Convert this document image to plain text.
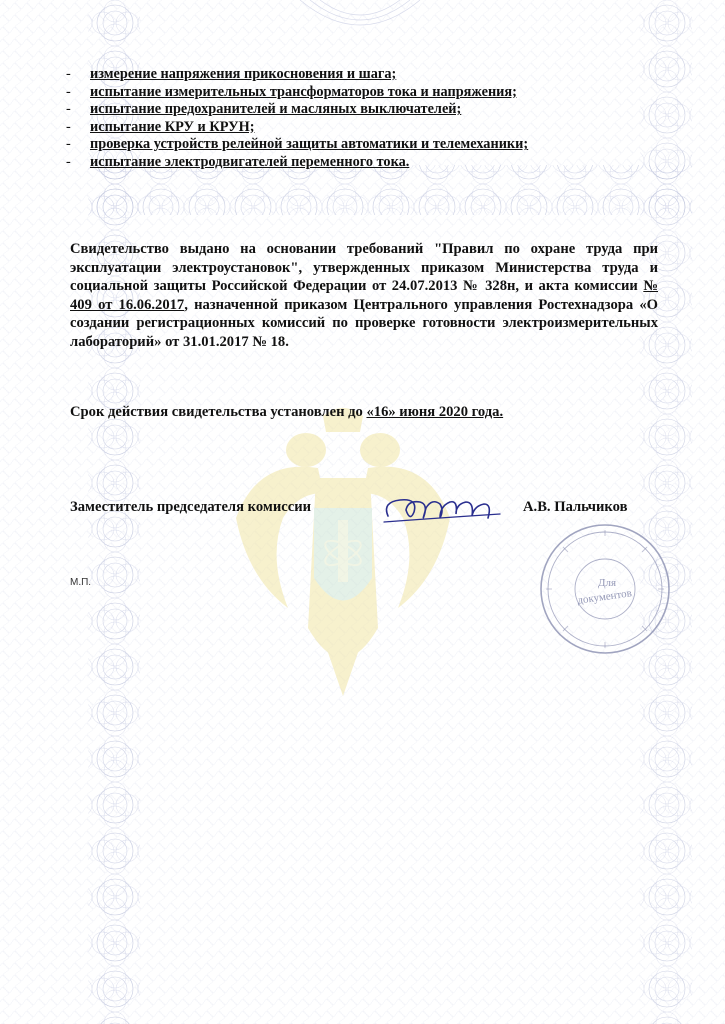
-	измерение напряжения прикосновения и шага;
-	испытание измерительных трансформаторов тока и напряжения;
-	испытание предохранителей и масляных выключателей;
-	испытание КРУ и КРУН;
-	проверка устройств релейной защиты автоматики и телемеханики;
-	испытание электродвигателей переменного тока.

Свидетельство выдано на основании требований "Правил по охране труда при эксплуатации электроустановок", утвержденных приказом Министерства труда и социальной защиты Российской Федерации от 24.07.2013 № 328н, и акта комиссии № 409 от 16.06.2017, назначенной приказом Центрального управления Ростехнадзора «О создании регистрационных комиссий по проверке готовности электроизмерительных лабораторий» от 31.01.2017 № 18.

Срок действия свидетельства установлен до «16» июня 2020 года.

Заместитель председателя комиссии	А.В. Пальчиков
Для
документов
М.П.
